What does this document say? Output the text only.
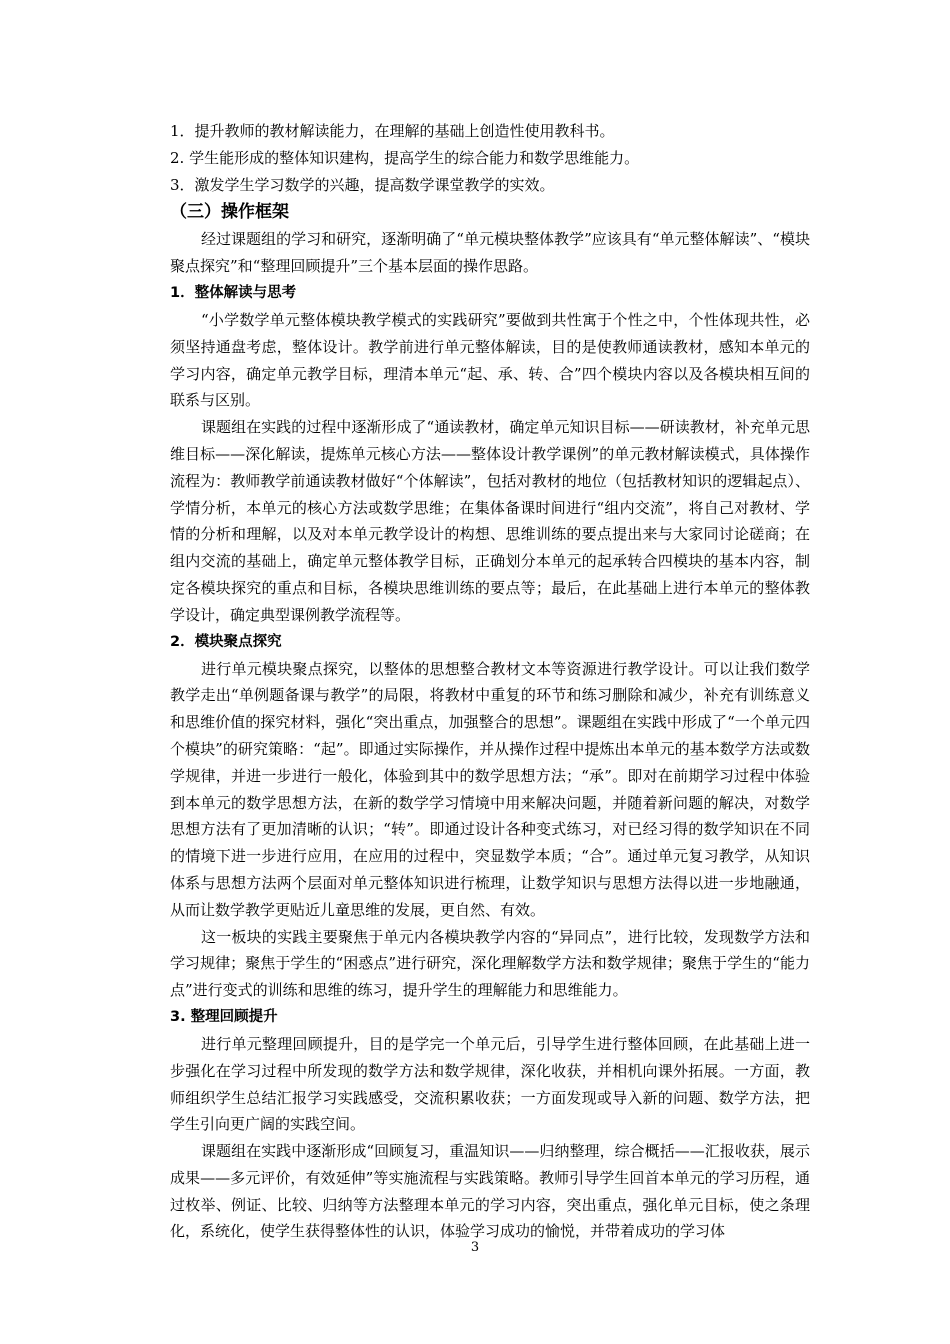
1．提升教师的教材解读能力，在理解的基础上创造性使用教科书。

2. 学生能形成的整体知识建构，提高学生的综合能力和数学思维能力。

3．激发学生学习数学的兴趣，提高数学课堂教学的实效。

（三）操作框架

经过课题组的学习和研究，逐渐明确了“单元模块整体教学”应该具有“单元整体解读”、“模块聚点探究”和“整理回顾提升”三个基本层面的操作思路。

1．整体解读与思考

“小学数学单元整体模块教学模式的实践研究”要做到共性寓于个性之中，个性体现共性，必须坚持通盘考虑，整体设计。教学前进行单元整体解读，目的是使教师通读教材，感知本单元的学习内容，确定单元教学目标，理清本单元“起、承、转、合”四个模块内容以及各模块相互间的联系与区别。

课题组在实践的过程中逐渐形成了“通读教材，确定单元知识目标——研读教材，补充单元思维目标——深化解读，提炼单元核心方法——整体设计教学课例”的单元教材解读模式，具体操作流程为：教师教学前通读教材做好“个体解读”，包括对教材的地位（包括教材知识的逻辑起点）、学情分析，本单元的核心方法或数学思维；在集体备课时间进行“组内交流”，将自己对教材、学情的分析和理解，以及对本单元教学设计的构想、思维训练的要点提出来与大家同讨论磋商；在组内交流的基础上，确定单元整体教学目标，正确划分本单元的起承转合四模块的基本内容，制定各模块探究的重点和目标，各模块思维训练的要点等；最后，在此基础上进行本单元的整体教学设计，确定典型课例教学流程等。

2．模块聚点探究

进行单元模块聚点探究，以整体的思想整合教材文本等资源进行教学设计。可以让我们数学教学走出“单例题备课与教学”的局限，将教材中重复的环节和练习删除和减少，补充有训练意义和思维价值的探究材料，强化“突出重点，加强整合的思想”。课题组在实践中形成了“一个单元四个模块”的研究策略：“起”。即通过实际操作，并从操作过程中提炼出本单元的基本数学方法或数学规律，并进一步进行一般化，体验到其中的数学思想方法；“承”。即对在前期学习过程中体验到本单元的数学思想方法，在新的数学学习情境中用来解决问题，并随着新问题的解决，对数学思想方法有了更加清晰的认识；“转”。即通过设计各种变式练习，对已经习得的数学知识在不同的情境下进一步进行应用，在应用的过程中，突显数学本质；“合”。通过单元复习教学，从知识体系与思想方法两个层面对单元整体知识进行梳理，让数学知识与思想方法得以进一步地融通，从而让数学教学更贴近儿童思维的发展，更自然、有效。

这一板块的实践主要聚焦于单元内各模块教学内容的“异同点”，进行比较，发现数学方法和学习规律；聚焦于学生的“困惑点”进行研究，深化理解数学方法和数学规律；聚焦于学生的“能力点”进行变式的训练和思维的练习，提升学生的理解能力和思维能力。

3. 整理回顾提升

进行单元整理回顾提升，目的是学完一个单元后，引导学生进行整体回顾，在此基础上进一步强化在学习过程中所发现的数学方法和数学规律，深化收获，并相机向课外拓展。一方面，教师组织学生总结汇报学习实践感受，交流积累收获；一方面发现或导入新的问题、数学方法，把学生引向更广阔的实践空间。

课题组在实践中逐渐形成“回顾复习，重温知识——归纳整理，综合概括——汇报收获，展示成果——多元评价，有效延伸”等实施流程与实践策略。教师引导学生回首本单元的学习历程，通过枚举、例证、比较、归纳等方法整理本单元的学习内容，突出重点，强化单元目标，使之条理化，系统化，使学生获得整体性的认识，体验学习成功的愉悦，并带着成功的学习体

3
